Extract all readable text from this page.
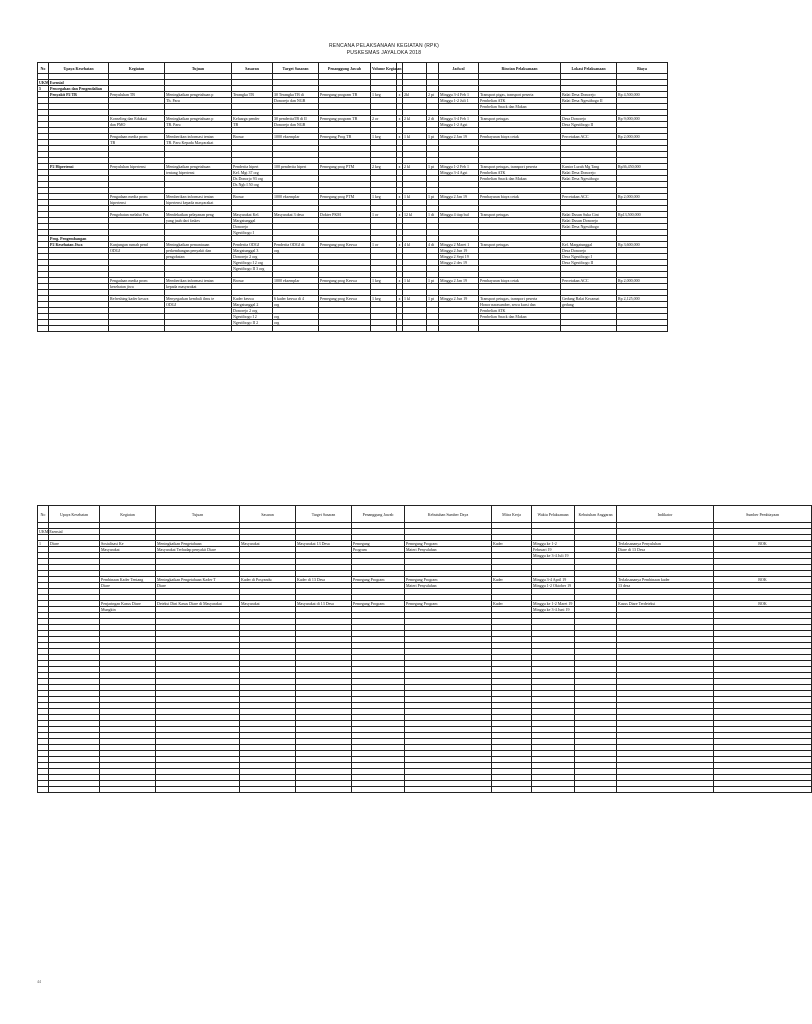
RENCANA PELAKSANAAN KEGIATAN (RPK)
PUSKESMAS JAYALOKA 2018
No	Upaya Kesehatan	Kegiatan	Tujuan	Sasaran	Target Sasaran	Penanggung Jawab	Volume Kegiatan				Jadwal	Rincian Pelaksanaan	Lokasi Pelaksanaan	Biaya

UKM Esensial														
5	Pencegahan dan Pengendalian													
	Penyakit P2 TB	Penyuluhan TB	Meningkatkan pengetahuan p	Terangka TB	30 Terangka TB di	Pemegang program TB	1 keg	x	2kl	2 pt	Minggu 3-4 Feb 1	Transport pigas, transport peserta	Balai Desa Donorejo	Rp 4,500,000
			Th. Paru		Donorejo dan NGB						Minggu 1-2 Juli 1	Pembelian ATK	Balai Desa Ngestibogo II	
												Pembelian Snack dan Makan		

		Konseling dan Edukasi	Meningkatkan pengetahuan p	Keluarga pender	30 penderitaTB di II	Pemegang program TB	2 or	x	2 kl	2 dt	Minggu 3-4 Feb 1	Transport petugas	Desa Donorejo	Rp 9,000,000
		dan PMO	TB. Paru	TB	Donorejo dan NGB						Minggu 1-2 Agst		Desa Ngestibogo II	

		Pengadaan media prom	Memberikan informasi tentan	Brosur	1000 eksemplar	Pemegang Prog TB	1 keg	x	1 kl	1 pt	Minggu 2 Jan 19	Pembayaran biaya cetak	Percetakan ACC	Rp 2,000,000
		TB	TB. Paru Kepada Masyarakat											

	P2 Hipertensi	Penyuluhan hipertensi	Meningkatkan pengetahuan	Penderita hipert	100 penderita hipert	Pemegang prog PTM	2 keg	x	2 kl	1 pt	Minggu 1-2 Feb 1	Transport petugas, transport peserta	Kantor Lurah Mg Tang	Rp36,450,000
			tentang hipertensi	Kel. Mgt 37 org							Minggu 3-4 Agst	Pembelian ATK	Balai Desa Donorejo	
				Ds Donorjo 93 org								Pembelian Snack dan Makan	Balai Desa Ngestibogo	
				Ds Ngb I 50 org										

		Pengadaan media prom	Memberikan informasi tentan	Brosur	1000 eksemplar	Pemegang prog PTM	1 keg	x	1 kl	1 pt	Minggu 2 Jan 19	Pembayaran biaya cetak	Percetakan ACC	Rp 2,000,000
		hipertensi	hipertensi kepada masyarakat											

		Pengobatan melalui Pos	Mendekatkan pelayanan peng	Masyarakat Kel.	Masyarakat 3 desa	Dokter PKM	1 or	x	12 kl	1 dt	Minggu 4 tiap bul	Transport petugas	Balai Dusun Suka Cint	Rp13,500,000
			yang jauh dari faskes	Margatunggal									Balai Dusun Donorejo	
				Donorejo									Balai Desa Ngestibogo	
				Ngestibogo I										
	Prog. Pengembangan													
	P2 Kesehatan Jiwa	Kunjungan rumah pend	Meningkatkan pemantauan	Penderita ODGJ	Penderita ODGJ di	Pemegang prog Keswa	1 or	x	4 kl	4 dt	Minggu 2 Maret 1	Transport petugas	Kel. Margatunggal	Rp 3,600,000
		ODGJ	perkembangan penyakit dan	Margatunggal 3	org						Minggu 2 Jun 19		Desa Donorejo	
			pengobatan	Donorejo 2 org							Minggu 2 Sept 19		Desa Ngestibogo I	
				Ngestibogo I 2 org							Minggu 2 des 19		Desa Ngestibogo II	
				Ngestibogo II 3 org										

		Pengadaan media prom	Memberikan informasi tentan	Brosur	1000 eksemplar	Pemegang prog Keswa	1 keg	x	1 kl	1 pt	Minggu 2 Jan 19	Pembayaran biaya cetak	Percetakan ACC	Rp 2,000,000
		kesehatan jiwa	kepada masyarakat											

		Refreshing kader keswa	Menyegarkan kembali ilmu te	Kader keswa	6 kader keswa di 4	Pemegang prog Keswa	1 keg	x	1 kl	1 pt	Minggu 2 Jun 19	Transport petugas, transport peserta	Gedung Balai Kecamat	Rp 2,125,000
			ODGJ	Margatunggal 2	org							Honor narasumber, sewa kursi dan	gedung	
				Donorejo 2 org								Pembelian ATK		
				Ngestibogo I 2	org							Pembelian Snack dan Makan		
				Ngestibogo II 2	org									

No	Upaya Kesehatan	Kegiatan	Tujuan	Sasaran	Target Sasaran	Penanggung Jawab	Kebutuhan Sumber Daya	Mitra Kerja	Waktu Pelaksanaan	Kebutuhan Anggaran	Indikator	Sumber Pembiayaan

UKM Esensial												

1	Diare	Sosialisasi Ke	Meningkatkan Pengetahuan	Masyarakat	Masyarakat 13 Desa	Pemegang	Pemegang Program	Kader	Minggu ke 1-2		Terlaksananya Penyuluhan	BOK
		Masyarakat	Masyarakat Terhadap penyakit Diare			Program	Materi Penyuluhan		Februari 19		Diare di 13 Desa	
									Minggu ke 3-4 Juli 19			

		Pembinaan Kader Tentang	Meningkatkan Pengetahuan Kader T	Kader di Posyandu	Kader di 13 Desa	Pemegang Program	Pemegang Program	Kader	Minggu 3-4 April 19		Terlaksananya Pembinaan kader	BOK
		Diare	Diare				Materi Penyuluhan		Minggu 1-2 Oktober 19		13 desa	

		Penjaringan Kasus Diare	Deteksi Dini Kasus Diare di Masyarakat	Masyarakat	Masyarakat di 13 Desa	Pemegang Program	Pemegang Program	Kader	Minggu ke 1-2 Maret 19		Kasus Diare Terdeteksi	BOK
		Mungkin							Minggu ke 3-4 Juni 19			

44
